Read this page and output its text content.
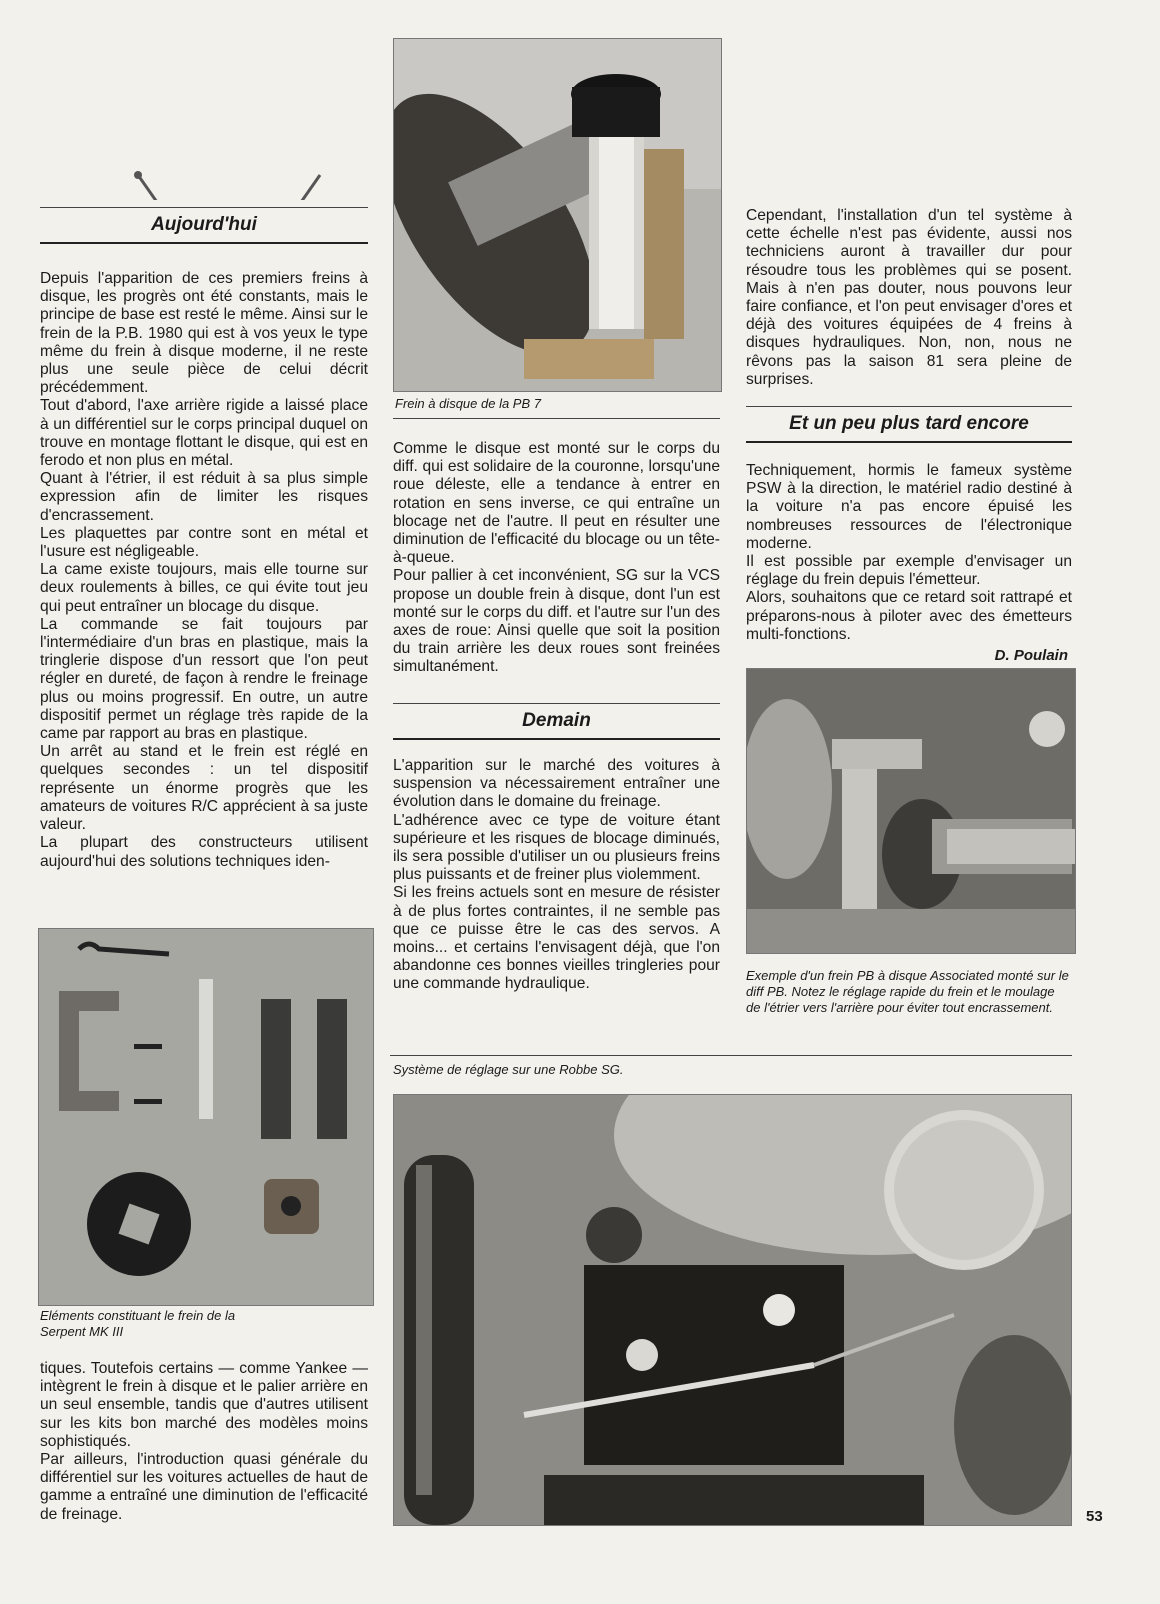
Aujourd'hui

Depuis l'apparition de ces premiers freins à disque, les progrès ont été constants, mais le principe de base est resté le même. Ainsi sur le frein de la P.B. 1980 qui est à vos yeux le type même du frein à disque moderne, il ne reste plus une seule pièce de celui décrit précédemment.

Tout d'abord, l'axe arrière rigide a laissé place à un différentiel sur le corps principal duquel on trouve en montage flottant le disque, qui est en ferodo et non plus en métal.

Quant à l'étrier, il est réduit à sa plus simple expression afin de limiter les risques d'encrassement.

Les plaquettes par contre sont en métal et l'usure est négligeable.

La came existe toujours, mais elle tourne sur deux roulements à billes, ce qui évite tout jeu qui peut entraîner un blocage du disque.

La commande se fait toujours par l'intermédiaire d'un bras en plastique, mais la tringlerie dispose d'un ressort que l'on peut régler en dureté, de façon à rendre le freinage plus ou moins progressif. En outre, un autre dispositif permet un réglage très rapide de la came par rapport au bras en plastique.

Un arrêt au stand et le frein est réglé en quelques secondes : un tel dispositif représente un énorme progrès que les amateurs de voitures R/C apprécient à sa juste valeur.

La plupart des constructeurs utilisent aujourd'hui des solutions techniques iden-

Eléments constituant le frein de la Serpent MK III

tiques. Toutefois certains — comme Yankee — intègrent le frein à disque et le palier arrière en un seul ensemble, tandis que d'autres utilisent sur les kits bon marché des modèles moins sophistiqués.

Par ailleurs, l'introduction quasi générale du différentiel sur les voitures actuelles de haut de gamme a entraîné une diminution de l'efficacité de freinage.

Frein à disque de la PB 7

Comme le disque est monté sur le corps du diff. qui est solidaire de la couronne, lorsqu'une roue déleste, elle a tendance à entrer en rotation en sens inverse, ce qui entraîne un blocage net de l'autre. Il peut en résulter une diminution de l'efficacité du blocage ou un tête-à-queue.

Pour pallier à cet inconvénient, SG sur la VCS propose un double frein à disque, dont l'un est monté sur le corps du diff. et l'autre sur l'un des axes de roue: Ainsi quelle que soit la position du train arrière les deux roues sont freinées simultanément.

Demain

L'apparition sur le marché des voitures à suspension va nécessairement entraîner une évolution dans le domaine du freinage.

L'adhérence avec ce type de voiture étant supérieure et les risques de blocage diminués, ils sera possible d'utiliser un ou plusieurs freins plus puissants et de freiner plus violemment.

Si les freins actuels sont en mesure de résister à de plus fortes contraintes, il ne semble pas que ce puisse être le cas des servos. A moins... et certains l'envisagent déjà, que l'on abandonne ces bonnes vieilles tringleries pour une commande hydraulique.

Cependant, l'installation d'un tel système à cette échelle n'est pas évidente, aussi nos techniciens auront à travailler dur pour résoudre tous les problèmes qui se posent. Mais à n'en pas douter, nous pouvons leur faire confiance, et l'on peut envisager d'ores et déjà des voitures équipées de 4 freins à disques hydrauliques. Non, non, nous ne rêvons pas la saison 81 sera pleine de surprises.

Et un peu plus tard encore

Techniquement, hormis le fameux système PSW à la direction, le matériel radio destiné à la voiture n'a pas encore épuisé les nombreuses ressources de l'électronique moderne.

Il est possible par exemple d'envisager un réglage du frein depuis l'émetteur.

Alors, souhaitons que ce retard soit rattrapé et préparons-nous à piloter avec des émetteurs multi-fonctions.

D. Poulain
Exemple d'un frein PB à disque Associated monté sur le diff PB. Notez le réglage rapide du frein et le moulage de l'étrier vers l'arrière pour éviter tout encrassement.
Système de réglage sur une Robbe SG.
53
